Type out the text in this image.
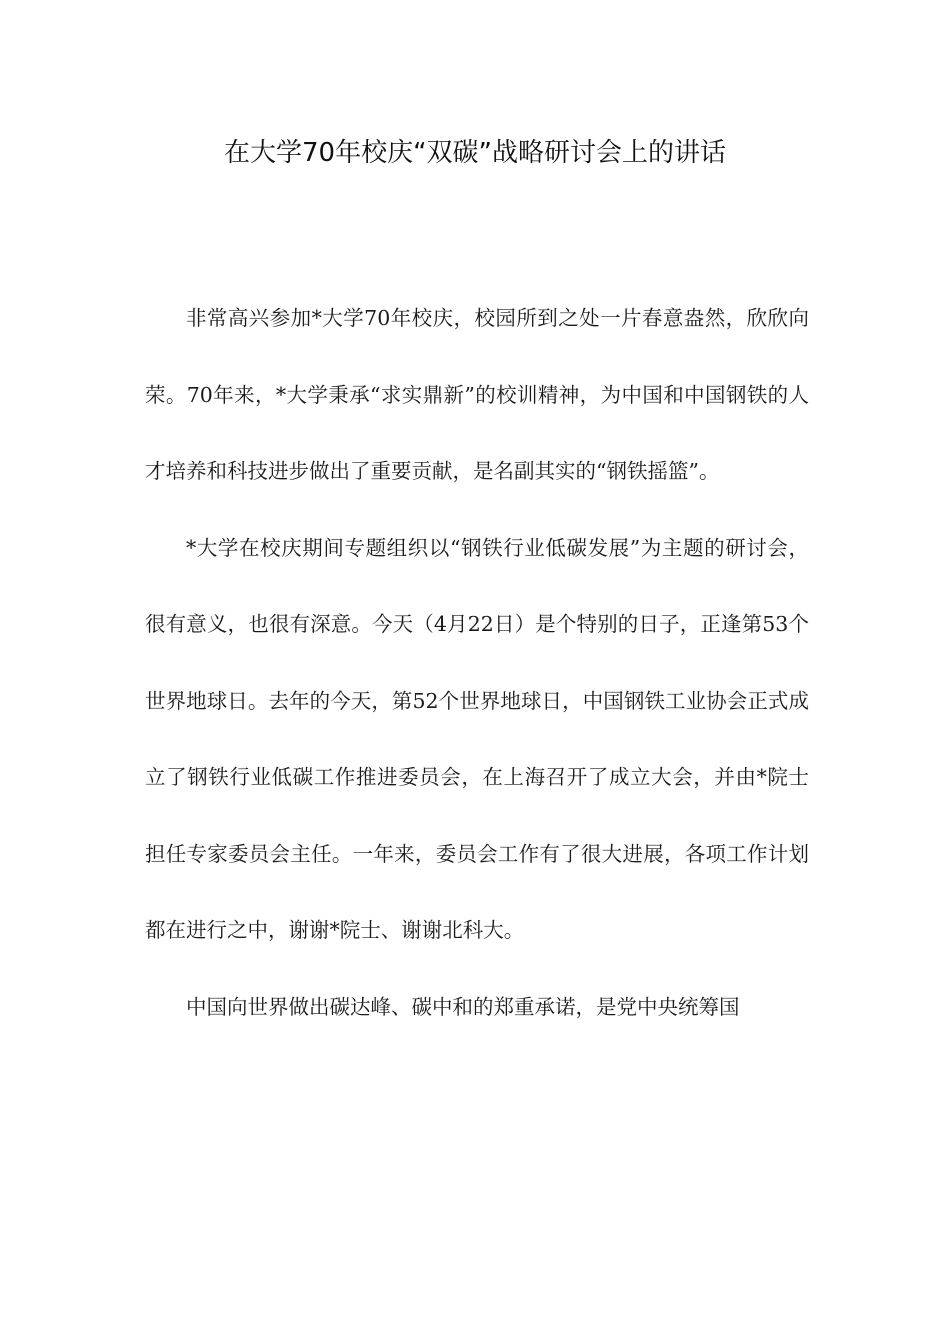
在大学70年校庆“双碳”战略研讨会上的讲话

非常高兴参加*大学70年校庆，校园所到之处一片春意盎然，欣欣向荣。70年来，*大学秉承“求实鼎新”的校训精神，为中国和中国钢铁的人才培养和科技进步做出了重要贡献，是名副其实的“钢铁摇篮”。

*大学在校庆期间专题组织以“钢铁行业低碳发展”为主题的研讨会，很有意义，也很有深意。今天（4月22日）是个特别的日子，正逢第53个世界地球日。去年的今天，第52个世界地球日，中国钢铁工业协会正式成立了钢铁行业低碳工作推进委员会，在上海召开了成立大会，并由*院士担任专家委员会主任。一年来，委员会工作有了很大进展，各项工作计划都在进行之中，谢谢*院士、谢谢北科大。

中国向世界做出碳达峰、碳中和的郑重承诺，是党中央统筹国
